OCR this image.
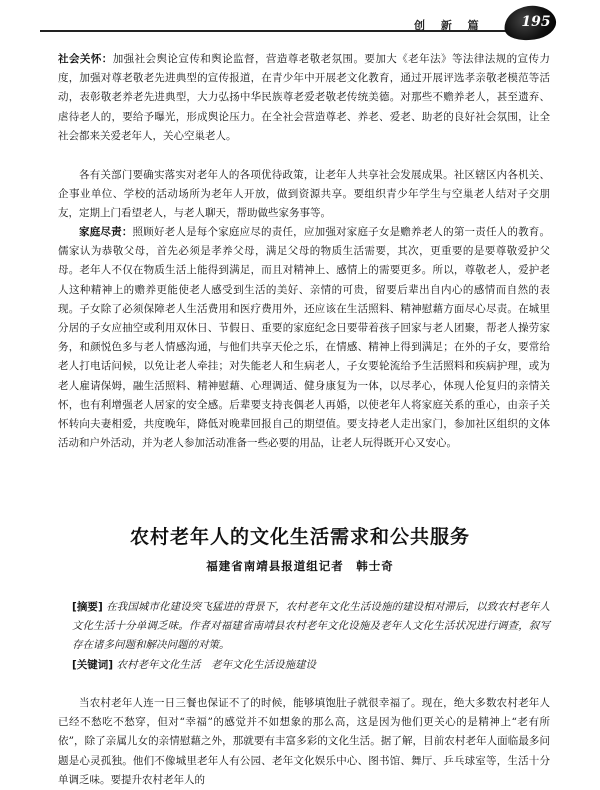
创 新 篇	195

社会关怀：加强社会舆论宣传和舆论监督，营造尊老敬老氛围。要加大《老年法》等法律法规的宣传力度，加强对尊老敬老先进典型的宣传报道，在青少年中开展老文化教育，通过开展评选孝亲敬老模范等活动，表彰敬老养老先进典型，大力弘扬中华民族尊老爱老敬老传统美德。对那些不赡养老人，甚至遗弃、虐待老人的，要给予曝光，形成舆论压力。在全社会营造尊老、养老、爱老、助老的良好社会氛围，让全社会都来关爱老年人，关心空巢老人。

各有关部门要确实落实对老年人的各项优待政策，让老年人共享社会发展成果。社区辖区内各机关、企事业单位、学校的活动场所为老年人开放，做到资源共享。要组织青少年学生与空巢老人结对子交朋友，定期上门看望老人，与老人聊天，帮助做些家务事等。

家庭尽责：照顾好老人是每个家庭应尽的责任，应加强对家庭子女是赡养老人的第一责任人的教育。儒家认为恭敬父母，首先必须是孝养父母，满足父母的物质生活需要，其次，更重要的是要尊敬爱护父母。老年人不仅在物质生活上能得到满足，而且对精神上、感情上的需要更多。所以，尊敬老人，爱护老人这种精神上的赡养更能使老人感受到生活的美好、亲情的可贵，留要后辈出自内心的感情而自然的表现。子女除了必须保障老人生活费用和医疗费用外，还应该在生活照料、精神慰藉方面尽心尽责。在城里分居的子女应抽空或利用双休日、节假日、重要的家庭纪念日要带着孩子回家与老人团聚，帮老人操劳家务，和颜悦色多与老人情感沟通，与他们共享天伦之乐，在情感、精神上得到满足；在外的子女，要常给老人打电话问候，以免让老人牵挂；对失能老人和生病老人，子女要轮流给予生活照料和疾病护理，或为老人雇请保姆，融生活照料、精神慰藉、心理调适、健身康复为一体，以尽孝心，体现人伦复归的亲情关怀，也有利增强老人居家的安全感。后辈要支持丧偶老人再婚，以使老年人将家庭关系的重心，由亲子关怀转向夫妻相爱，共度晚年，降低对晚辈回报自己的期望值。要支持老人走出家门，参加社区组织的文体活动和户外活动，并为老人参加活动准备一些必要的用品，让老人玩得既开心又安心。

农村老年人的文化生活需求和公共服务
福建省南靖县报道组记者　韩士奇

[摘要] 在我国城市化建设突飞猛进的背景下，农村老年文化生活设施的建设相对滞后，以致农村老年人文化生活十分单调乏味。作者对福建省南靖县农村老年文化设施及老年人文化生活状况进行调查，叙写存在诸多问题和解决问题的对策。

[关键词] 农村老年文化生活　老年文化生活设施建设

当农村老年人连一日三餐也保证不了的时候，能够填饱肚子就很幸福了。现在，绝大多数农村老年人已经不愁吃不愁穿，但对“幸福”的感觉并不如想象的那么高，这是因为他们更关心的是精神上“老有所依”，除了亲属儿女的亲情慰藉之外，那就要有丰富多彩的文化生活。据了解，目前农村老年人面临最多问题是心灵孤独。他们不像城里老年人有公园、老年文化娱乐中心、图书馆、舞厅、乒乓球室等，生活十分单调乏味。要提升农村老年人的
